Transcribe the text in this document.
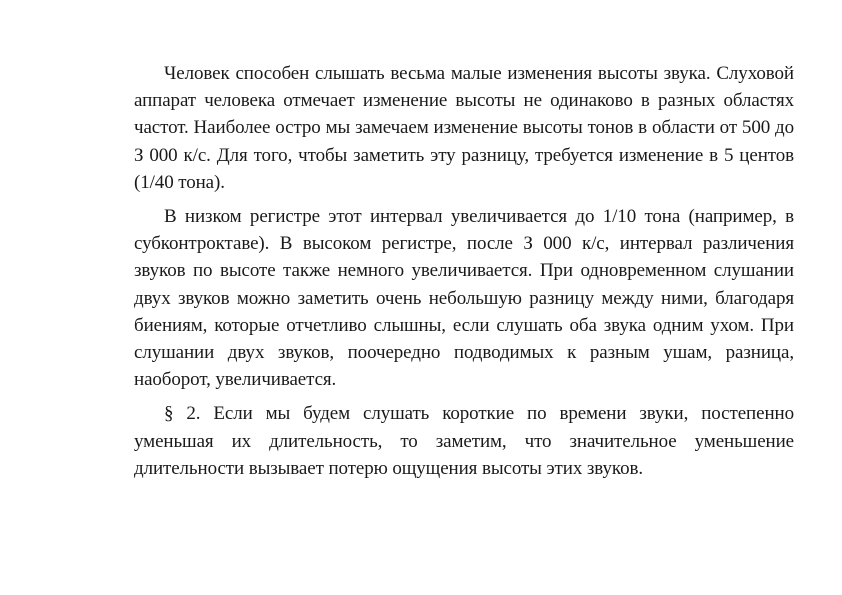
Человек способен слышать весьма малые изменения высоты звука. Слуховой аппарат человека отмечает изменение высоты не одинаково в разных областях частот. Наиболее остро мы замечаем изменение высоты тонов в области от 500 до З 000 к/с. Для того, чтобы заметить эту разницу, требуется изменение в 5 центов (1/40 тона).

В низком регистре этот интервал увеличивается до 1/10 тона (например, в субконтроктаве). В высоком регистре, после З 000 к/с, интервал различения звуков по высоте также немного увеличивается. При одновременном слушании двух звуков можно заметить очень небольшую разницу между ними, благодаря биениям, которые отчетливо слышны, если слушать оба звука одним ухом. При слушании двух звуков, поочередно подводимых к разным ушам, разница, наоборот, увеличивается.

§ 2. Если мы будем слушать короткие по времени звуки, постепенно уменьшая их длительность, то заметим, что значительное уменьшение длительности вызывает потерю ощущения высоты этих звуков.
